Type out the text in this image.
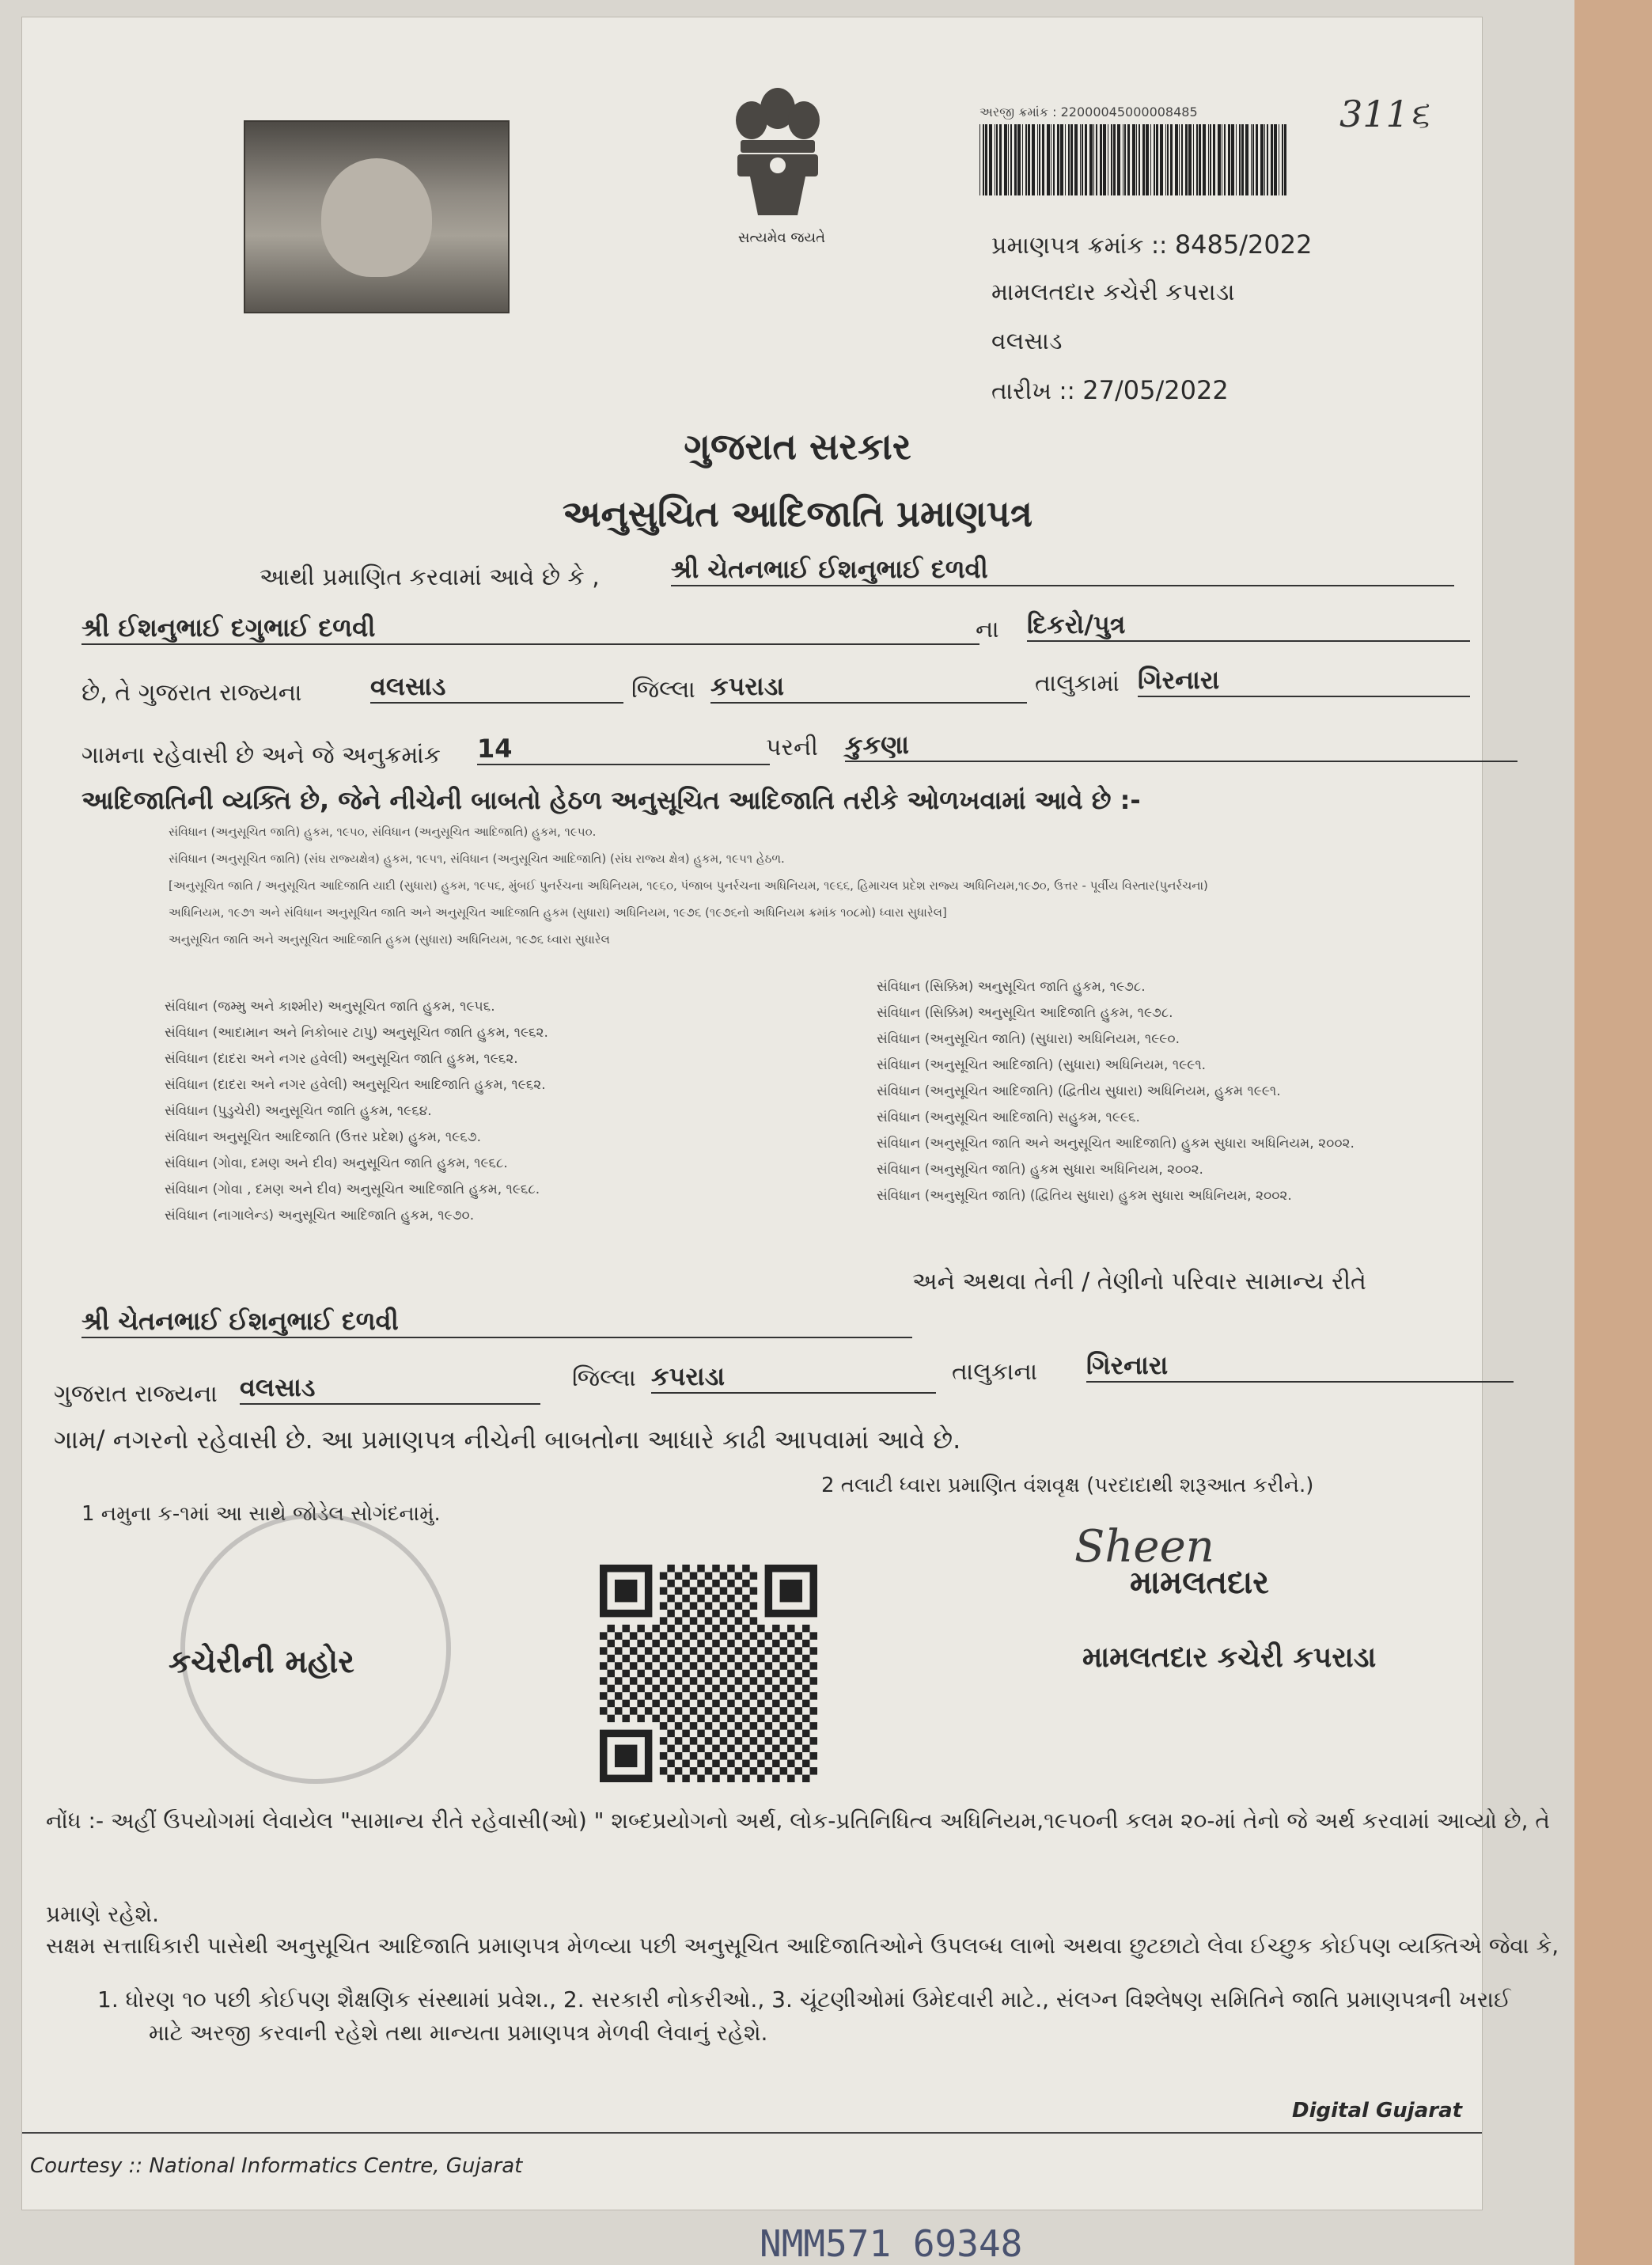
સત્યમેવ જયતે
અરજી ક્રમાંક : 22000045000008485	311૬
પ્રમાણપત્ર ક્રમાંક :: 8485/2022
મામલતદાર કચેરી કપરાડા
વલસાડ
તારીખ :: 27/05/2022
ગુજરાત સરકાર
અનુસુચિત આદિજાતિ પ્રમાણપત્ર
આથી પ્રમાણિત કરવામાં આવે છે કે ,	શ્રી ચેતનભાઈ ઈશનુભાઈ દળવી
શ્રી ઈશનુભાઈ દગુભાઈ દળવી	ના દિકરો/પુત્ર
છે, તે ગુજરાત રાજ્યના	વલસાડ	જિલ્લા કપરાડા	તાલુકામાં ગિરનારા
ગામના રહેવાસી છે અને જે અનુક્રમાંક 14	પરની કુકણા
આદિજાતિની વ્યક્તિ છે, જેને નીચેની બાબતો હેઠળ અનુસૂચિત આદિજાતિ તરીકે ઓળખવામાં આવે છે :-
સંવિધાન (અનુસૂચિત જાતિ) હુકમ, ૧૯૫૦, સંવિધાન (અનુસૂચિત આદિજાતિ) હુકમ, ૧૯૫૦.
સંવિધાન (અનુસૂચિત જાતિ) (સંઘ રાજ્યક્ષેત્ર) હુકમ, ૧૯૫૧, સંવિધાન (અનુસૂચિત આદિજાતિ) (સંઘ રાજ્ય ક્ષેત્ર) હુકમ, ૧૯૫૧ હેઠળ.
[અનુસૂચિત જાતિ / અનુસૂચિત આદિજાતિ યાદી (સુધારા) હુકમ, ૧૯૫૬, મુંબઈ પુનર્રચના અધિનિયમ, ૧૯૬૦, પંજાબ પુનર્રચના અધિનિયમ, ૧૯૬૬, હિમાચલ પ્રદેશ રાજ્ય અધિનિયમ,૧૯૭૦, ઉત્તર - પૂર્વીય વિસ્તાર(પુનર્રચના)
અધિનિયમ, ૧૯૭૧ અને સંવિધાન અનુસૂચિત જાતિ અને અનુસૂચિત આદિજાતિ હુકમ (સુધારા) અધિનિયમ, ૧૯૭૬ (૧૯૭૬નો અધિનિયમ ક્રમાંક ૧૦૮મો) ધ્વારા સુધારેલ]
અનુસૂચિત જાતિ અને અનુસૂચિત આદિજાતિ હુકમ (સુધારા) અધિનિયમ, ૧૯૭૬ ધ્વારા સુધારેલ
સંવિધાન (જમ્મુ અને કાશ્મીર) અનુસૂચિત જાતિ હુકમ, ૧૯૫૬.
સંવિધાન (આદામાન અને નિકોબાર ટાપુ) અનુસૂચિત જાતિ હુકમ, ૧૯૬૨.
સંવિધાન (દાદરા અને નગર હવેલી) અનુસૂચિત જાતિ હુકમ, ૧૯૬૨.
સંવિધાન (દાદરા અને નગર હવેલી) અનુસૂચિત આદિજાતિ હુકમ, ૧૯૬૨.
સંવિધાન (પુડુચેરી) અનુસૂચિત જાતિ હુકમ, ૧૯૬૪.
સંવિધાન અનુસૂચિત આદિજાતિ (ઉત્તર પ્રદેશ) હુકમ, ૧૯૬૭.
સંવિધાન (ગોવા, દમણ અને દીવ) અનુસૂચિત જાતિ હુકમ, ૧૯૬૮.
સંવિધાન (ગોવા , દમણ અને દીવ) અનુસૂચિત આદિજાતિ હુકમ, ૧૯૬૮.
સંવિધાન (નાગાલેન્ડ) અનુસૂચિત આદિજાતિ હુકમ, ૧૯૭૦.
સંવિધાન (સિક્કિમ) અનુસૂચિત જાતિ હુકમ, ૧૯૭૮.
સંવિધાન (સિક્કિમ) અનુસૂચિત આદિજાતિ હુકમ, ૧૯૭૮.
સંવિધાન (અનુસૂચિત જાતિ) (સુધારા) અધિનિયમ, ૧૯૯૦.
સંવિધાન (અનુસૂચિત આદિજાતિ) (સુધારા) અધિનિયમ, ૧૯૯૧.
સંવિધાન (અનુસૂચિત આદિજાતિ) (દ્વિતીય સુધારા) અધિનિયમ, હુકમ ૧૯૯૧.
સંવિધાન (અનુસૂચિત આદિજાતિ) સહુકમ, ૧૯૯૬.
સંવિધાન (અનુસૂચિત જાતિ અને અનુસૂચિત આદિજાતિ) હુકમ સુધારા અધિનિયમ, ૨૦૦૨.
સંવિધાન (અનુસૂચિત જાતિ) હુકમ સુધારા અધિનિયમ, ૨૦૦૨.
સંવિધાન (અનુસૂચિત જાતિ) (દ્વિતિય સુધારા) હુકમ સુધારા અધિનિયમ, ૨૦૦૨.
અને અથવા તેની / તેણીનો પરિવાર સામાન્ય રીતે
શ્રી ચેતનભાઈ ઈશનુભાઈ દળવી
ગુજરાત રાજ્યના વલસાડ	જિલ્લા કપરાડા	તાલુકાના ગિરનારા
ગામ/ નગરનો રહેવાસી છે. આ પ્રમાણપત્ર નીચેની બાબતોના આધારે કાઢી આપવામાં આવે છે.
1 નમુના ક-૧માં આ સાથે જોડેલ સોગંદનામું.
2 તલાટી ધ્વારા પ્રમાણિત વંશવૃક્ષ (પરદાદાથી શરૂઆત કરીને.)
કચેરીની મહોર
Sheen
મામલતદાર
મામલતદાર કચેરી કપરાડા
નોંધ :- અહીં ઉપયોગમાં લેવાયેલ "સામાન્ય રીતે રહેવાસી(ઓ) " શબ્દપ્રયોગનો અર્થ, લોક-પ્રતિનિધિત્વ અધિનિયમ,૧૯૫૦ની કલમ ૨૦-માં તેનો જે અર્થ કરવામાં આવ્યો છે, તે
પ્રમાણે રહેશે.
સક્ષમ સત્તાધિકારી પાસેથી અનુસૂચિત આદિજાતિ પ્રમાણપત્ર મેળવ્યા પછી અનુસૂચિત આદિજાતિઓને ઉપલબ્ધ લાભો અથવા છુટછાટો લેવા ઈચ્છુક કોઈપણ વ્યક્તિએ જેવા કે,
1. ધોરણ ૧૦ પછી કોઈપણ શૈક્ષણિક સંસ્થામાં પ્રવેશ., 2. સરકારી નોકરીઓ., 3. ચૂંટણીઓમાં ઉમેદવારી માટે., સંલગ્ન વિશ્લેષણ સમિતિને જાતિ પ્રમાણપત્રની ખરાઈ
માટે અરજી કરવાની રહેશે તથા માન્યતા પ્રમાણપત્ર મેળવી લેવાનું રહેશે.
Digital Gujarat
Courtesy :: National Informatics Centre, Gujarat
NMM571 69348
